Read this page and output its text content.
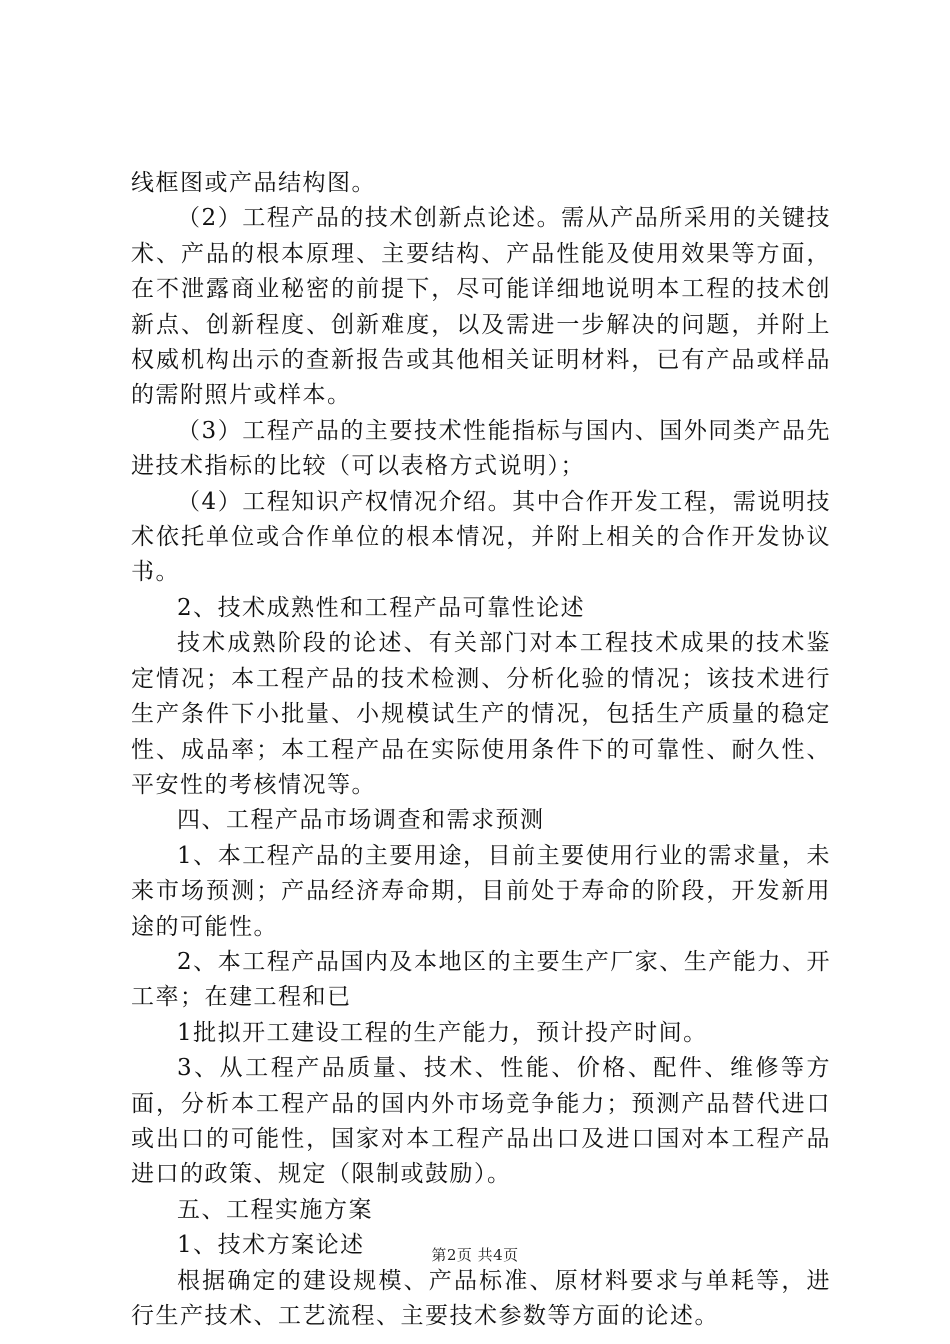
线框图或产品结构图。

（2）工程产品的技术创新点论述。需从产品所采用的关键技术、产品的根本原理、主要结构、产品性能及使用效果等方面，在不泄露商业秘密的前提下，尽可能详细地说明本工程的技术创新点、创新程度、创新难度，以及需进一步解决的问题，并附上权威机构出示的查新报告或其他相关证明材料，已有产品或样品的需附照片或样本。

（3）工程产品的主要技术性能指标与国内、国外同类产品先进技术指标的比较（可以表格方式说明）；

（4）工程知识产权情况介绍。其中合作开发工程，需说明技术依托单位或合作单位的根本情况，并附上相关的合作开发协议书。

2、技术成熟性和工程产品可靠性论述

技术成熟阶段的论述、有关部门对本工程技术成果的技术鉴定情况；本工程产品的技术检测、分析化验的情况；该技术进行生产条件下小批量、小规模试生产的情况，包括生产质量的稳定性、成品率；本工程产品在实际使用条件下的可靠性、耐久性、平安性的考核情况等。

四、工程产品市场调查和需求预测

1、本工程产品的主要用途，目前主要使用行业的需求量，未来市场预测；产品经济寿命期，目前处于寿命的阶段，开发新用途的可能性。

2、本工程产品国内及本地区的主要生产厂家、生产能力、开工率；在建工程和已

1批拟开工建设工程的生产能力，预计投产时间。

3、从工程产品质量、技术、性能、价格、配件、维修等方面，分析本工程产品的国内外市场竞争能力；预测产品替代进口或出口的可能性，国家对本工程产品出口及进口国对本工程产品进口的政策、规定（限制或鼓励）。

五、工程实施方案

1、技术方案论述

根据确定的建设规模、产品标准、原材料要求与单耗等，进行生产技术、工艺流程、主要技术参数等方面的论述。

第2页 共4页
